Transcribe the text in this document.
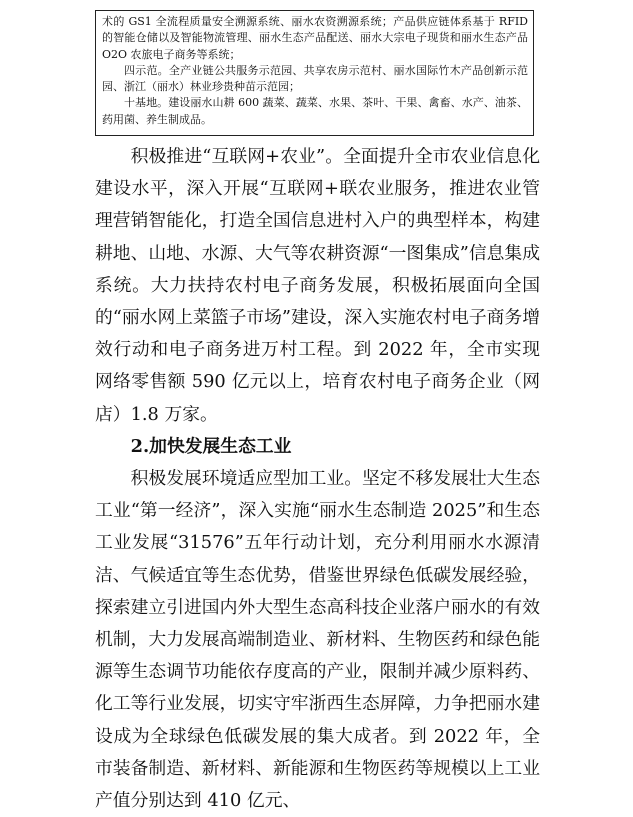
术的 GS1 全流程质量安全溯源系统、丽水农资溯源系统；产品供应链体系基于 RFID 的智能仓储以及智能物流管理、丽水生态产品配送、丽水大宗电子现货和丽水生态产品 O2O 农旅电子商务等系统；

四示范。全产业链公共服务示范园、共享农房示范村、丽水国际竹木产品创新示范园、浙江（丽水）林业珍贵种苗示范园；

十基地。建设丽水山耕 600 蔬菜、蔬菜、水果、茶叶、干果、禽畜、水产、油茶、药用菌、养生制成品。

积极推进“互联网+农业”。全面提升全市农业信息化建设水平，深入开展“互联网+联农业服务，推进农业管理营销智能化，打造全国信息进村入户的典型样本，构建耕地、山地、水源、大气等农耕资源“一图集成”信息集成系统。大力扶持农村电子商务发展，积极拓展面向全国的“丽水网上菜篮子市场”建设，深入实施农村电子商务增效行动和电子商务进万村工程。到 2022 年，全市实现网络零售额 590 亿元以上，培育农村电子商务企业（网店）1.8 万家。

2.加快发展生态工业

积极发展环境适应型加工业。坚定不移发展壮大生态工业“第一经济”，深入实施“丽水生态制造 2025”和生态工业发展“31576”五年行动计划，充分利用丽水水源清洁、气候适宜等生态优势，借鉴世界绿色低碳发展经验，探索建立引进国内外大型生态高科技企业落户丽水的有效机制，大力发展高端制造业、新材料、生物医药和绿色能源等生态调节功能依存度高的产业，限制并减少原料药、化工等行业发展，切实守牢浙西生态屏障，力争把丽水建设成为全球绿色低碳发展的集大成者。到 2022 年，全市装备制造、新材料、新能源和生物医药等规模以上工业产值分别达到 410 亿元、
